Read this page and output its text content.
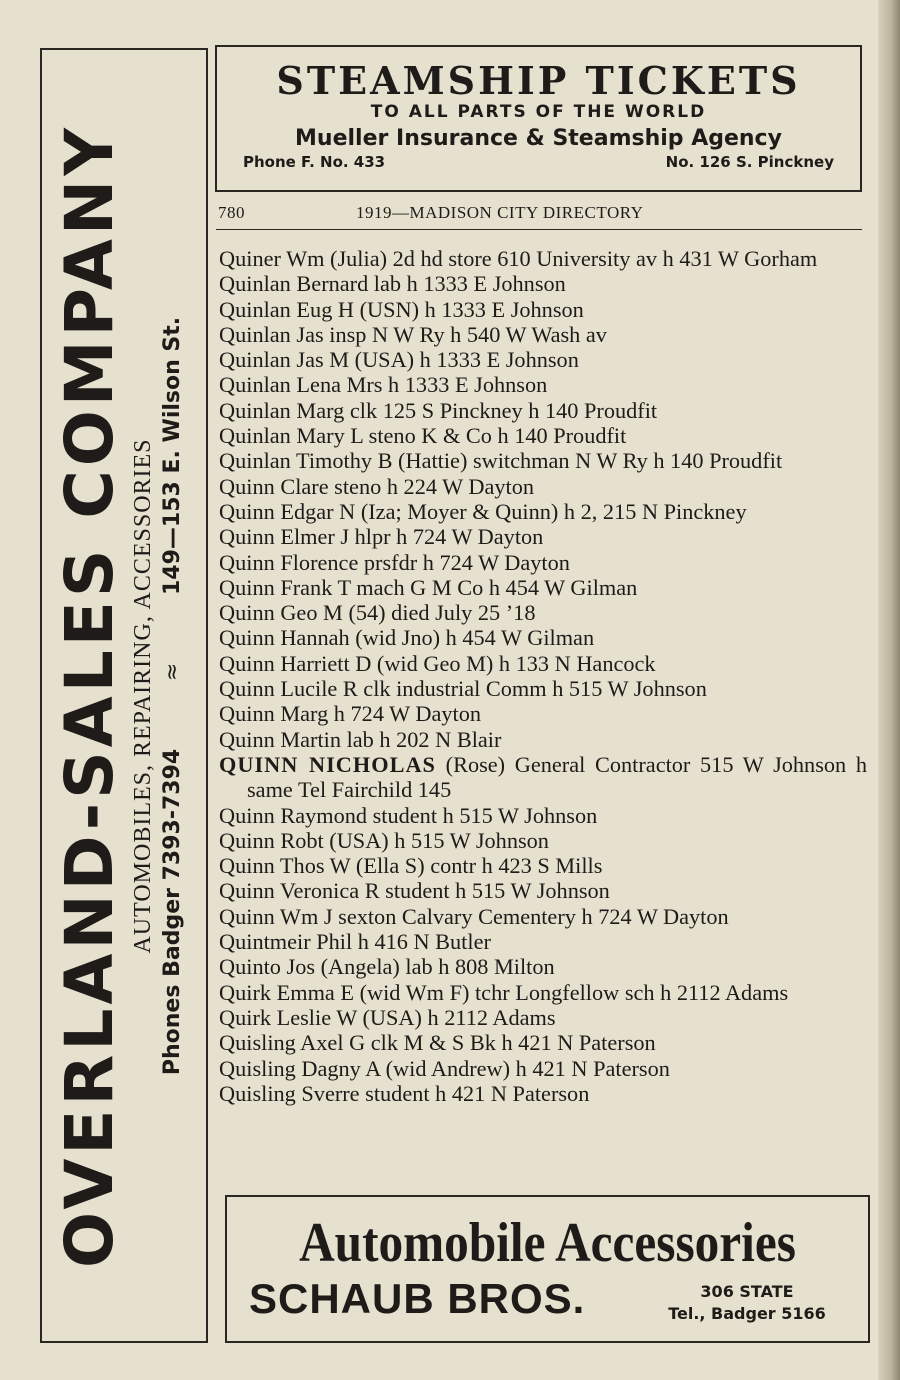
OVERLAND-SALES COMPANY AUTOMOBILES, REPAIRING, ACCESSORIES Phones Badger 7393-7394 ≈ 149—153 E. Wilson St.
STEAMSHIP TICKETS
TO ALL PARTS OF THE WORLD
Mueller Insurance & Steamship Agency
Phone F. No. 433	No. 126 S. Pinckney
780	1919—MADISON CITY DIRECTORY
Quiner Wm (Julia) 2d hd store 610 University av h 431 W Gorham
Quinlan Bernard lab h 1333 E Johnson
Quinlan Eug H (USN) h 1333 E Johnson
Quinlan Jas insp N W Ry h 540 W Wash av
Quinlan Jas M (USA) h 1333 E Johnson
Quinlan Lena Mrs h 1333 E Johnson
Quinlan Marg clk 125 S Pinckney h 140 Proudfit
Quinlan Mary L steno K & Co h 140 Proudfit
Quinlan Timothy B (Hattie) switchman N W Ry h 140 Proudfit
Quinn Clare steno h 224 W Dayton
Quinn Edgar N (Iza; Moyer & Quinn) h 2, 215 N Pinckney
Quinn Elmer J hlpr h 724 W Dayton
Quinn Florence prsfdr h 724 W Dayton
Quinn Frank T mach G M Co h 454 W Gilman
Quinn Geo M (54) died July 25 ’18
Quinn Hannah (wid Jno) h 454 W Gilman
Quinn Harriett D (wid Geo M) h 133 N Hancock
Quinn Lucile R clk industrial Comm h 515 W Johnson
Quinn Marg h 724 W Dayton
Quinn Martin lab h 202 N Blair
QUINN NICHOLAS (Rose) General Contractor 515 W Johnson h same Tel Fairchild 145
Quinn Raymond student h 515 W Johnson
Quinn Robt (USA) h 515 W Johnson
Quinn Thos W (Ella S) contr h 423 S Mills
Quinn Veronica R student h 515 W Johnson
Quinn Wm J sexton Calvary Cementery h 724 W Dayton
Quintmeir Phil h 416 N Butler
Quinto Jos (Angela) lab h 808 Milton
Quirk Emma E (wid Wm F) tchr Longfellow sch h 2112 Adams
Quirk Leslie W (USA) h 2112 Adams
Quisling Axel G clk M & S Bk h 421 N Paterson
Quisling Dagny A (wid Andrew) h 421 N Paterson
Quisling Sverre student h 421 N Paterson
Automobile Accessories
SCHAUB BROS.	306 STATE
Tel., Badger 5166
